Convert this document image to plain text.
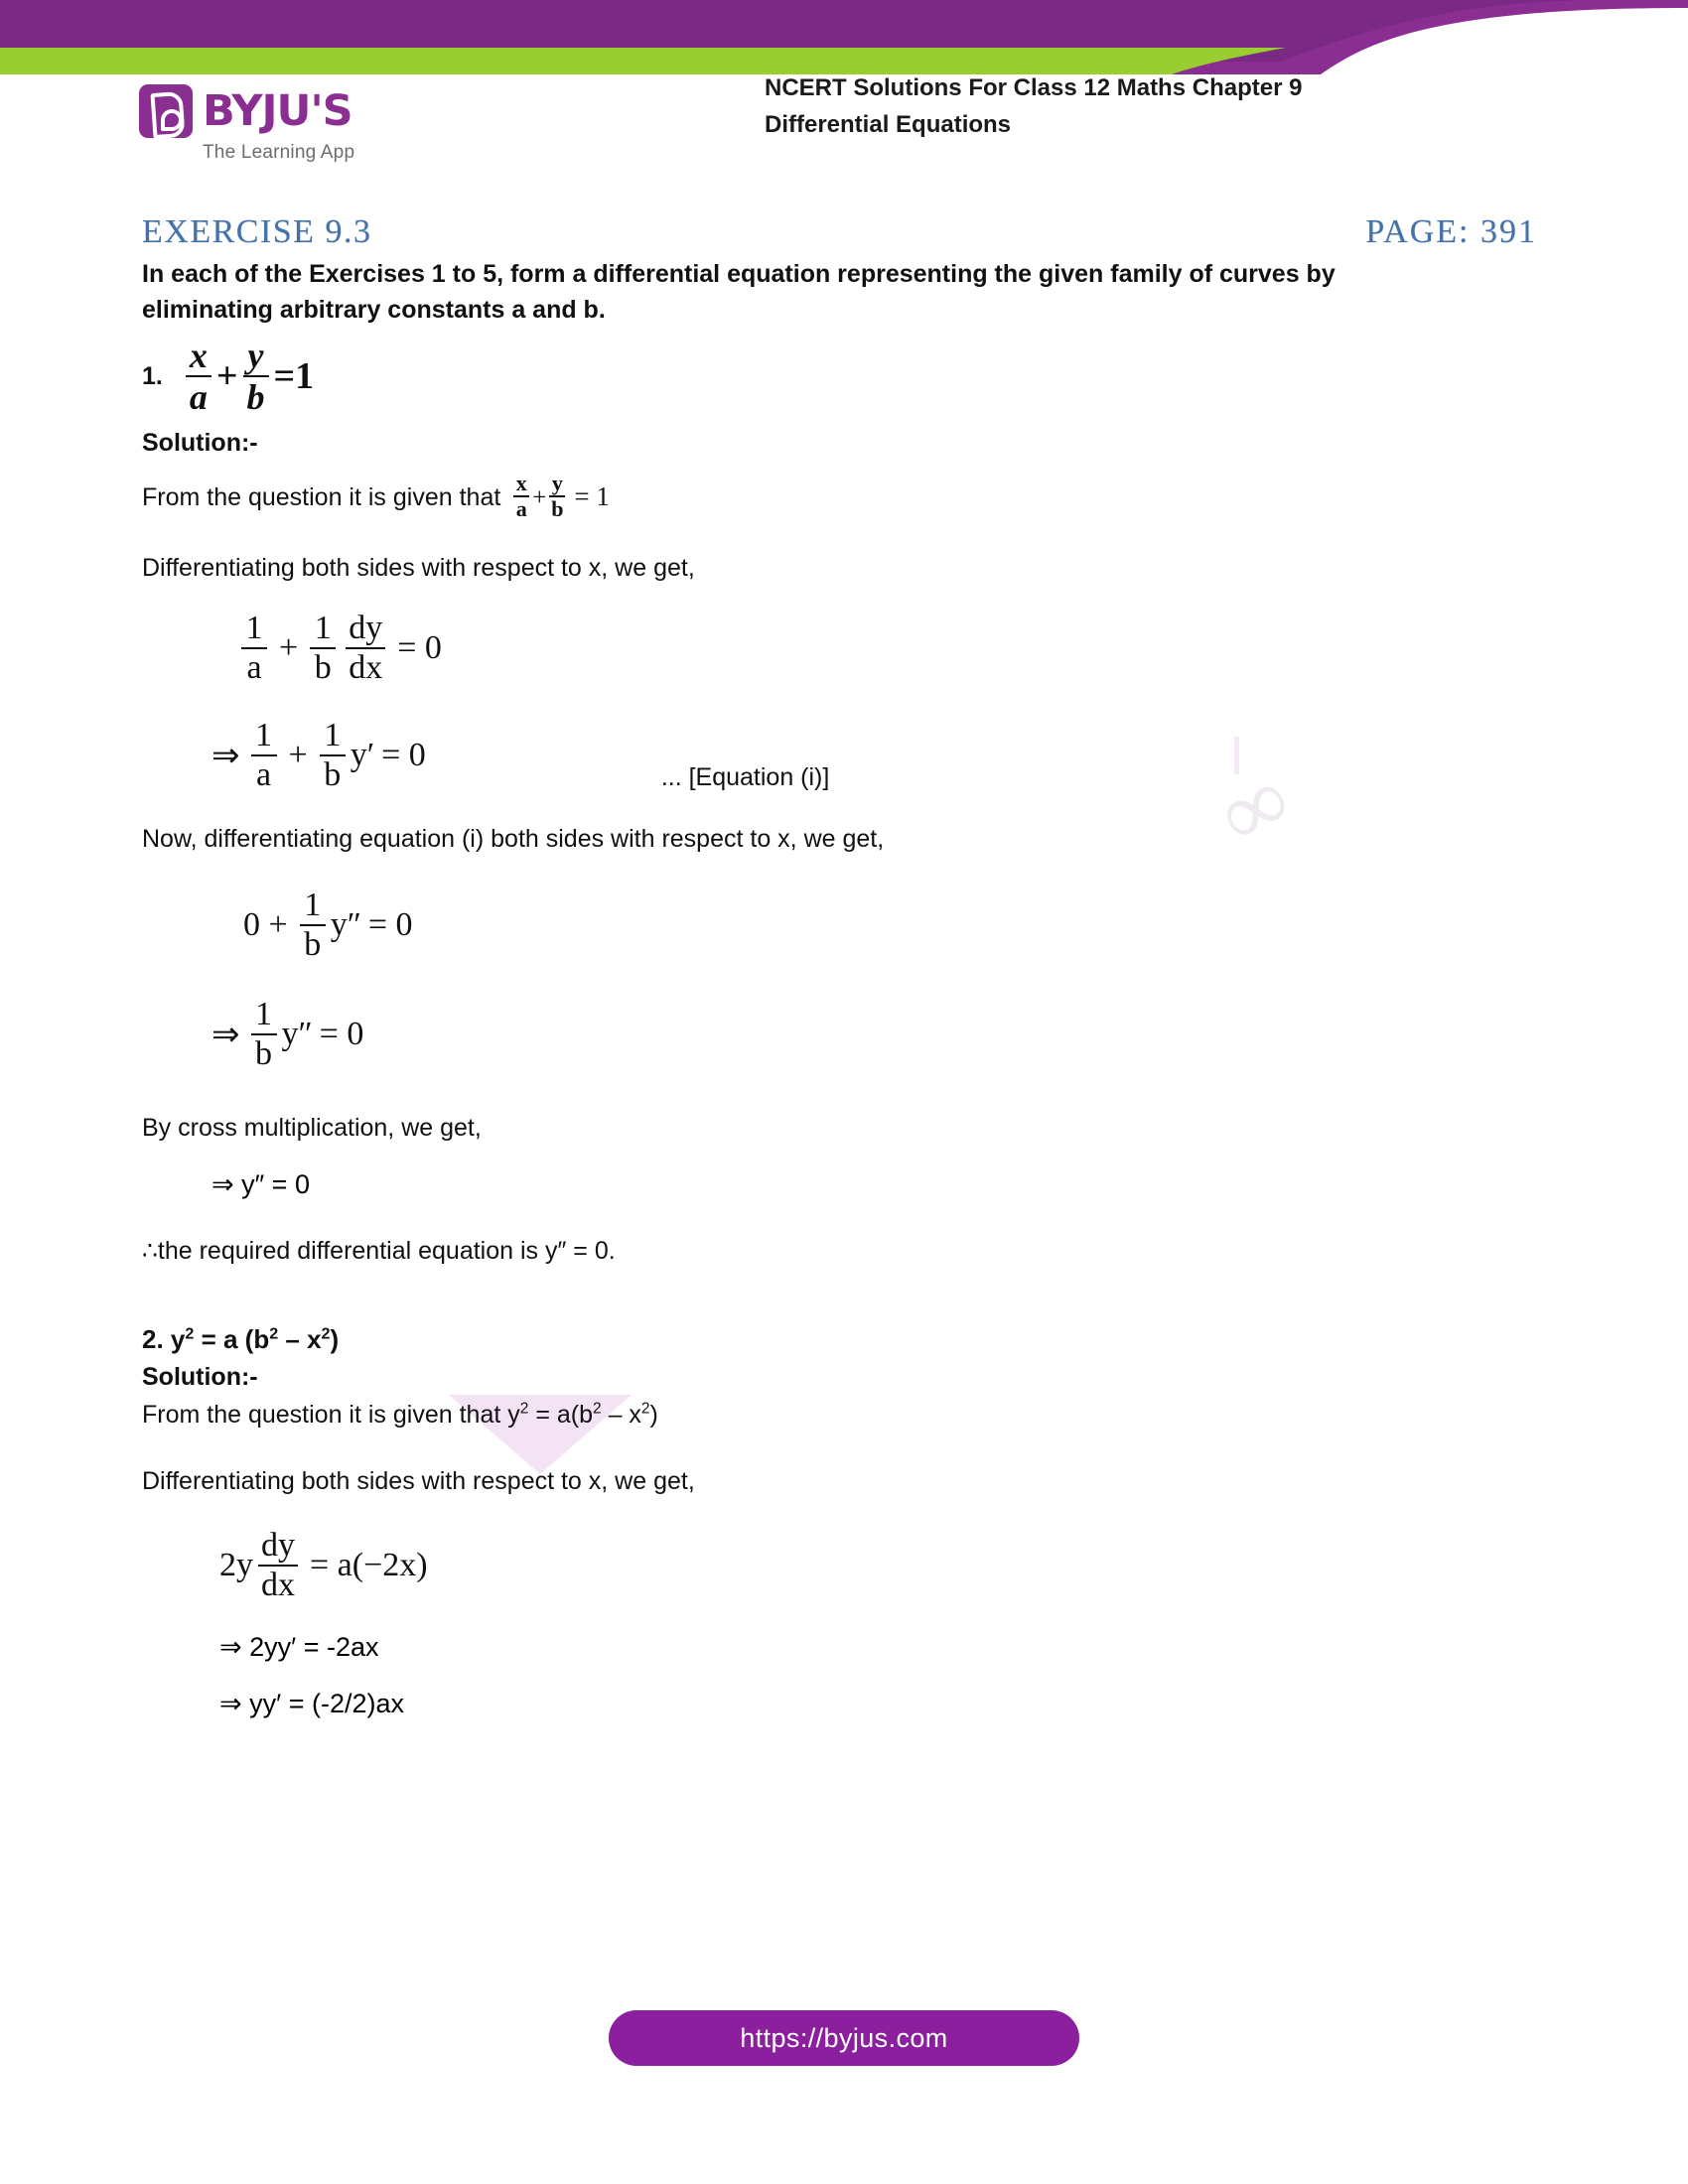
BYJU'S
The Learning App
NCERT Solutions For Class 12 Maths Chapter 9
Differential Equations
∞
EXERCISE 9.3	PAGE: 391
In each of the Exercises 1 to 5, form a differential equation representing the given family of curves by eliminating arbitrary constants a and b.
1. $\frac{x}{a} + \frac{y}{b} = 1$
Solution:-
From the question it is given that $\frac{x}{a} + \frac{y}{b} = 1$
Differentiating both sides with respect to x, we get,
$\frac{1}{a} + \frac{1}{b} \frac{dy}{dx} = 0$
⇒ $\frac{1}{a} + \frac{1}{b} y' = 0$
... [Equation (i)]
Now, differentiating equation (i) both sides with respect to x, we get,
$0 + \frac{1}{b} y'' = 0$
⇒ $\frac{1}{b} y'' = 0$
By cross multiplication, we get,
⇒ y″ = 0
∴the required differential equation is y″ = 0.
2. $y^2 = a$ $(b^2 - x^2)$
Solution:-
From the question it is given that $y^2 = a(b^2 - x^2)$
Differentiating both sides with respect to x, we get,
$2y \frac{dy}{dx} = a(-2x)$
⇒ 2yy′ = -2ax
⇒ yy′ = (-2/2)ax
https://byjus.com
